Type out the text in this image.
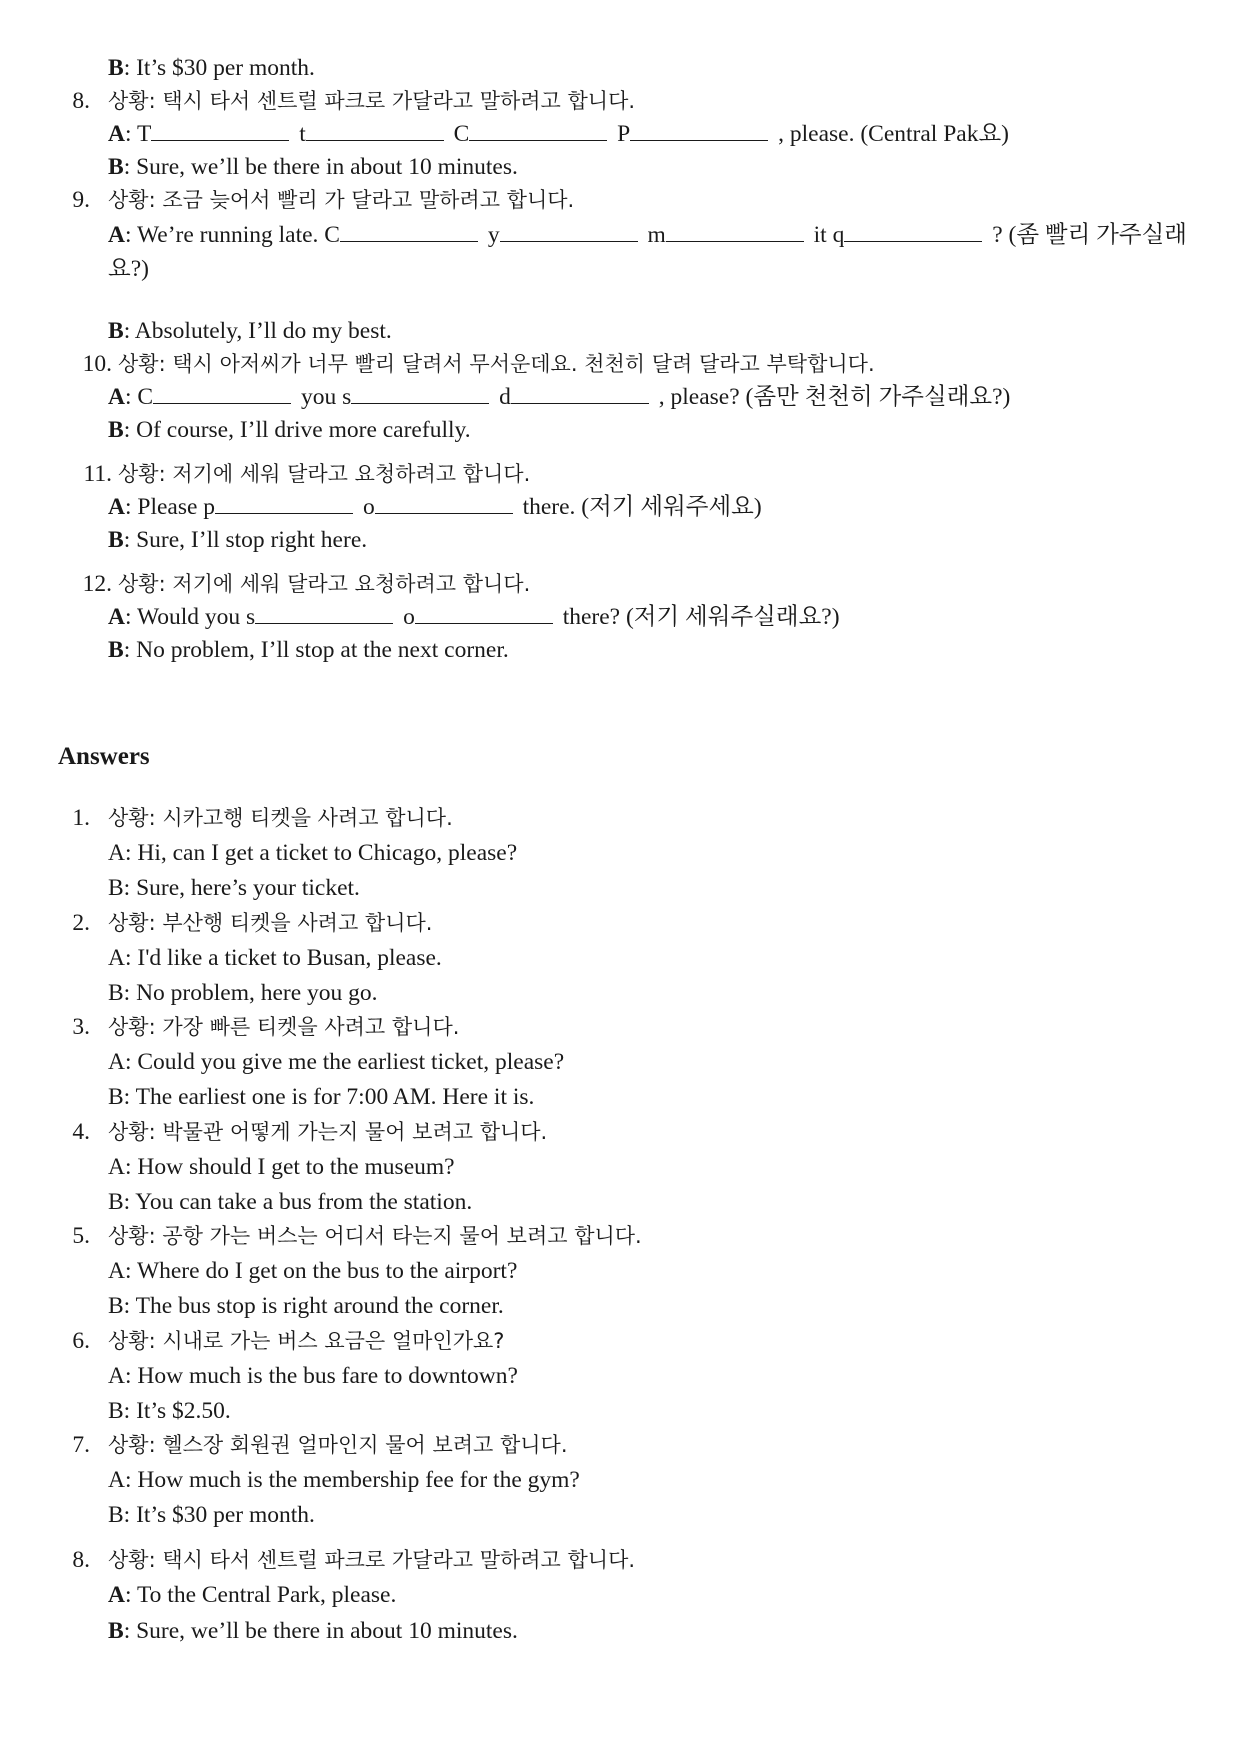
B: It’s $30 per month.
8. 상황: 택시 타서 센트럴 파크로 가달라고 말하려고 합니다.
A: T	t	C	P	, please. (Central Pak요)
B: Sure, we’ll be there in about 10 minutes.
9. 상황: 조금 늦어서 빨리 가 달라고 말하려고 합니다.
A: We’re running late. C	y	m	it q	? (좀 빨리 가주실래요?)
B: Absolutely, I’ll do my best.
10. 상황: 택시 아저씨가 너무 빨리 달려서 무서운데요. 천천히 달려 달라고 부탁합니다.
A: C	you s	d	, please? (좀만 천천히 가주실래요?)
B: Of course, I’ll drive more carefully.
11. 상황: 저기에 세워 달라고 요청하려고 합니다.
A: Please p	o	there. (저기 세워주세요)
B: Sure, I’ll stop right here.
12. 상황: 저기에 세워 달라고 요청하려고 합니다.
A: Would you s	o	there? (저기 세워주실래요?)
B: No problem, I’ll stop at the next corner.
Answers
1. 상황: 시카고행 티켓을 사려고 합니다.
A: Hi, can I get a ticket to Chicago, please?
B: Sure, here’s your ticket.
2. 상황: 부산행 티켓을 사려고 합니다.
A: I'd like a ticket to Busan, please.
B: No problem, here you go.
3. 상황: 가장 빠른 티켓을 사려고 합니다.
A: Could you give me the earliest ticket, please?
B: The earliest one is for 7:00 AM. Here it is.
4. 상황: 박물관 어떻게 가는지 물어 보려고 합니다.
A: How should I get to the museum?
B: You can take a bus from the station.
5. 상황: 공항 가는 버스는 어디서 타는지 물어 보려고 합니다.
A: Where do I get on the bus to the airport?
B: The bus stop is right around the corner.
6. 상황: 시내로 가는 버스 요금은 얼마인가요?
A: How much is the bus fare to downtown?
B: It’s $2.50.
7. 상황: 헬스장 회원권 얼마인지 물어 보려고 합니다.
A: How much is the membership fee for the gym?
B: It’s $30 per month.
8. 상황: 택시 타서 센트럴 파크로 가달라고 말하려고 합니다.
A: To the Central Park, please.
B: Sure, we’ll be there in about 10 minutes.
